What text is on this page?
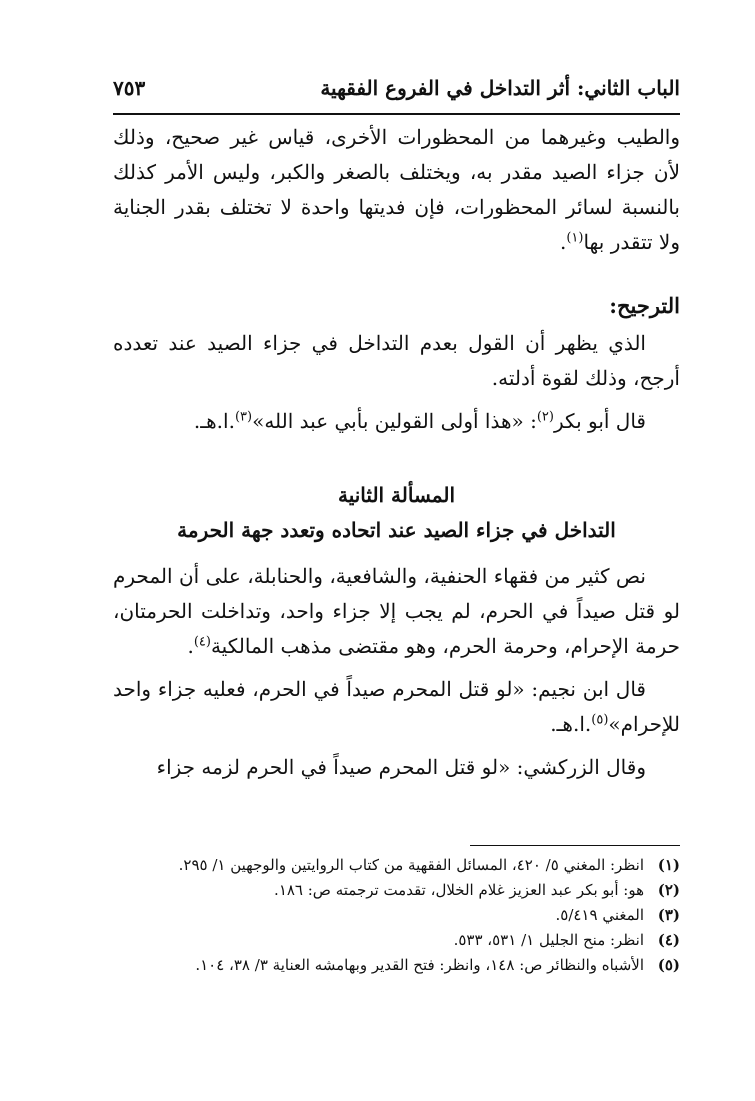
الباب الثاني: أثر التداخل في الفروع الفقهية
٧٥٣

والطيب وغيرهما من المحظورات الأخرى، قياس غير صحيح، وذلك لأن جزاء الصيد مقدر به، ويختلف بالصغر والكبر، وليس الأمر كذلك بالنسبة لسائر المحظورات، فإن فديتها واحدة لا تختلف بقدر الجناية ولا تتقدر بها$^{(١)}$.

الترجيح:

الذي يظهر أن القول بعدم التداخل في جزاء الصيد عند تعدده أرجح، وذلك لقوة أدلته.

قال أبو بكر$^{(٢)}$: «هذا أولى القولين بأبي عبد الله»$^{(٣)}$.ا.هـ.

المسألة الثانية

التداخل في جزاء الصيد عند اتحاده وتعدد جهة الحرمة

نص كثير من فقهاء الحنفية، والشافعية، والحنابلة، على أن المحرم لو قتل صيداً في الحرم، لم يجب إلا جزاء واحد، وتداخلت الحرمتان، حرمة الإحرام، وحرمة الحرم، وهو مقتضى مذهب المالكية$^{(٤)}$.

قال ابن نجيم: «لو قتل المحرم صيداً في الحرم، فعليه جزاء واحد للإحرام»$^{(٥)}$.ا.هـ.

وقال الزركشي: «لو قتل المحرم صيداً في الحرم لزمه جزاء

(١)
انظر: المغني ٥/ ٤٢٠، المسائل الفقهية من كتاب الروايتين والوجهين ١/ ٢٩٥.
(٢)
هو: أبو بكر عبد العزيز غلام الخلال، تقدمت ترجمته ص: ١٨٦.
(٣)
المغني ٥/٤١٩.
(٤)
انظر: منح الجليل ١/ ٥٣١، ٥٣٣.
(٥)
الأشباه والنظائر ص: ١٤٨، وانظر: فتح القدير وبهامشه العناية ٣/ ٣٨، ١٠٤.
